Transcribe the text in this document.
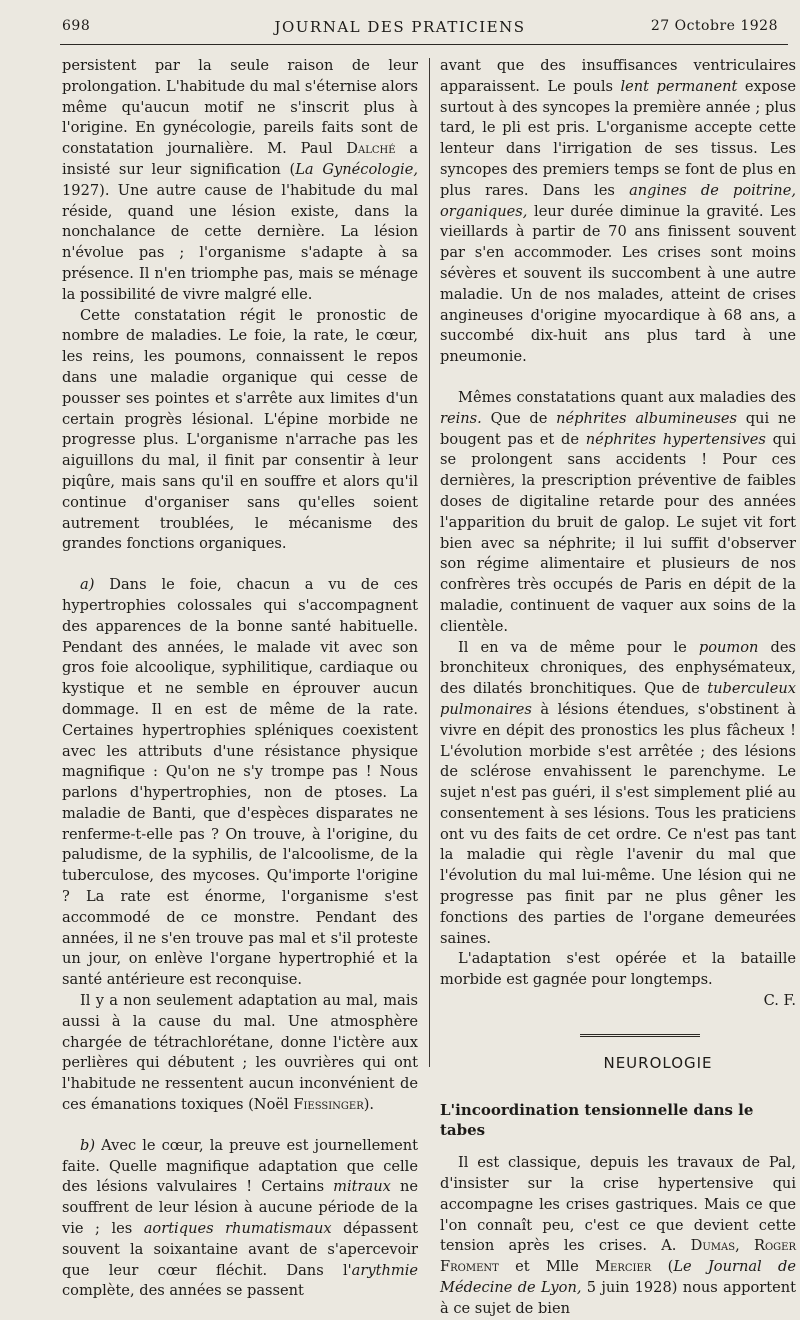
698	JOURNAL DES PRATICIENS	27 Octobre 1928

persistent par la seule raison de leur prolongation. L'habitude du mal s'éternise alors même qu'aucun motif ne s'inscrit plus à l'origine. En gynécologie, pareils faits sont de constatation journalière. M. Paul Dalché a insisté sur leur signification (La Gynécologie, 1927). Une autre cause de l'habitude du mal réside, quand une lésion existe, dans la nonchalance de cette dernière. La lésion n'évolue pas ; l'organisme s'adapte à sa présence. Il n'en triomphe pas, mais se ménage la possibilité de vivre malgré elle.

Cette constatation régit le pronostic de nombre de maladies. Le foie, la rate, le cœur, les reins, les poumons, connaissent le repos dans une maladie organique qui cesse de pousser ses pointes et s'arrête aux limites d'un certain progrès lésional. L'épine morbide ne progresse plus. L'organisme n'arrache pas les aiguillons du mal, il finit par consentir à leur piqûre, mais sans qu'il en souffre et alors qu'il continue d'organiser sans qu'elles soient autrement troublées, le mécanisme des grandes fonctions organiques.

a) Dans le foie, chacun a vu de ces hypertrophies colossales qui s'accompagnent des apparences de la bonne santé habituelle. Pendant des années, le malade vit avec son gros foie alcoolique, syphilitique, cardiaque ou kystique et ne semble en éprouver aucun dommage. Il en est de même de la rate. Certaines hypertrophies spléniques coexistent avec les attributs d'une résistance physique magnifique : Qu'on ne s'y trompe pas ! Nous parlons d'hypertrophies, non de ptoses. La maladie de Banti, que d'espèces disparates ne renferme-t-elle pas ? On trouve, à l'origine, du paludisme, de la syphilis, de l'alcoolisme, de la tuberculose, des mycoses. Qu'importe l'origine ? La rate est énorme, l'organisme s'est accommodé de ce monstre. Pendant des années, il ne s'en trouve pas mal et s'il proteste un jour, on enlève l'organe hypertrophié et la santé antérieure est reconquise.

Il y a non seulement adaptation au mal, mais aussi à la cause du mal. Une atmosphère chargée de tétrachlorétane, donne l'ictère aux perlières qui débutent ; les ouvrières qui ont l'habitude ne ressentent aucun inconvénient de ces émanations toxiques (Noël Fiessinger).

b) Avec le cœur, la preuve est journellement faite. Quelle magnifique adaptation que celle des lésions valvulaires ! Certains mitraux ne souffrent de leur lésion à aucune période de la vie ; les aortiques rhumatismaux dépassent souvent la soixantaine avant de s'apercevoir que leur cœur fléchit. Dans l'arythmie complète, des années se passent

avant que des insuffisances ventriculaires apparaissent. Le pouls lent permanent expose surtout à des syncopes la première année ; plus tard, le pli est pris. L'organisme accepte cette lenteur dans l'irrigation de ses tissus. Les syncopes des premiers temps se font de plus en plus rares. Dans les angines de poitrine, organiques, leur durée diminue la gravité. Les vieillards à partir de 70 ans finissent souvent par s'en accommoder. Les crises sont moins sévères et souvent ils succombent à une autre maladie. Un de nos malades, atteint de crises angineuses d'origine myocardique à 68 ans, a succombé dix-huit ans plus tard à une pneumonie.

Mêmes constatations quant aux maladies des reins. Que de néphrites albumineuses qui ne bougent pas et de néphrites hypertensives qui se prolongent sans accidents ! Pour ces dernières, la prescription préventive de faibles doses de digitaline retarde pour des années l'apparition du bruit de galop. Le sujet vit fort bien avec sa néphrite; il lui suffit d'observer son régime alimentaire et plusieurs de nos confrères très occupés de Paris en dépit de la maladie, continuent de vaquer aux soins de la clientèle.

Il en va de même pour le poumon des bronchiteux chroniques, des enphysémateux, des dilatés bronchitiques. Que de tuberculeux pulmonaires à lésions étendues, s'obstinent à vivre en dépit des pronostics les plus fâcheux ! L'évolution morbide s'est arrêtée ; des lésions de sclérose envahissent le parenchyme. Le sujet n'est pas guéri, il s'est simplement plié au consentement à ses lésions. Tous les praticiens ont vu des faits de cet ordre. Ce n'est pas tant la maladie qui règle l'avenir du mal que l'évolution du mal lui-même. Une lésion qui ne progresse pas finit par ne plus gêner les fonctions des parties de l'organe demeurées saines.

L'adaptation s'est opérée et la bataille morbide est gagnée pour longtemps.

C. F.

NEUROLOGIE

L'incoordination tensionnelle dans le tabes

Il est classique, depuis les travaux de Pal, d'insister sur la crise hypertensive qui accompagne les crises gastriques. Mais ce que l'on connaît peu, c'est ce que devient cette tension après les crises. A. Dumas, Roger Froment et Mlle Mercier (Le Journal de Médecine de Lyon, 5 juin 1928) nous apportent à ce sujet de bien
